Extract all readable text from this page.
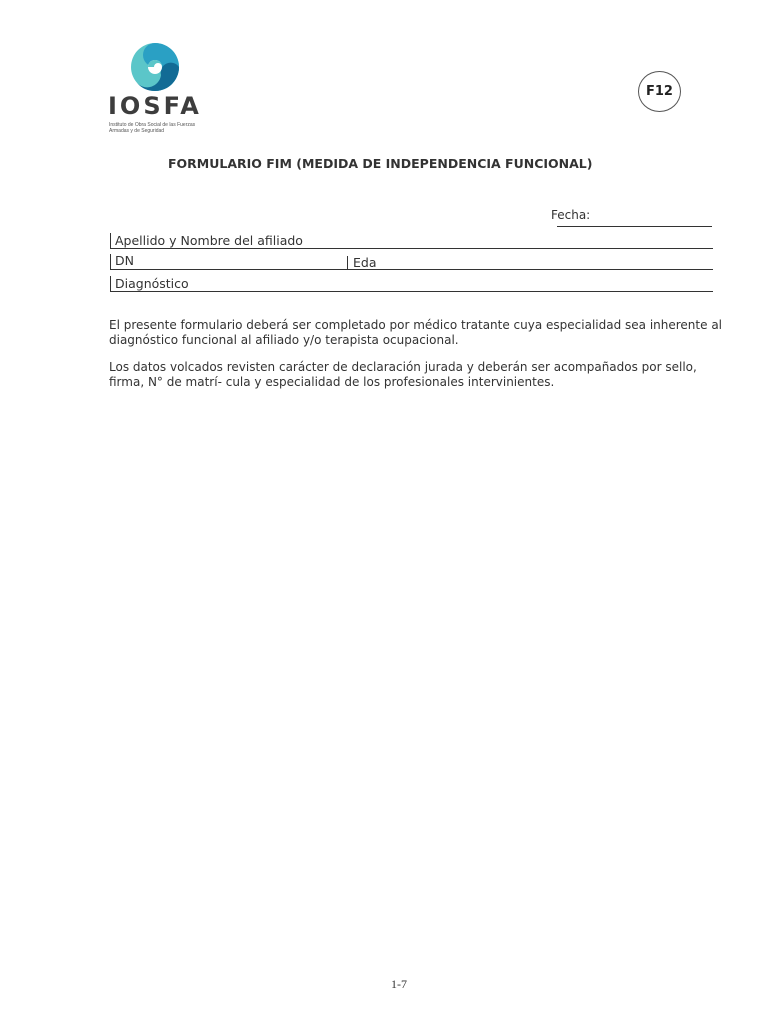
IOSFA
Instituto de Obra Social de las Fuerzas Armadas y de Seguridad
F12
FORMULARIO FIM (MEDIDA DE INDEPENDENCIA FUNCIONAL)
Fecha:
Apellido y Nombre del afiliado
DN	Eda
Diagnóstico

El presente formulario deberá ser completado por médico tratante cuya especialidad sea inherente al diagnóstico funcional al afiliado y/o terapista ocupacional.

Los datos volcados revisten carácter de declaración jurada y deberán ser acompañados por sello, firma, N° de matrí- cula y especialidad de los profesionales intervinientes.

1-7
